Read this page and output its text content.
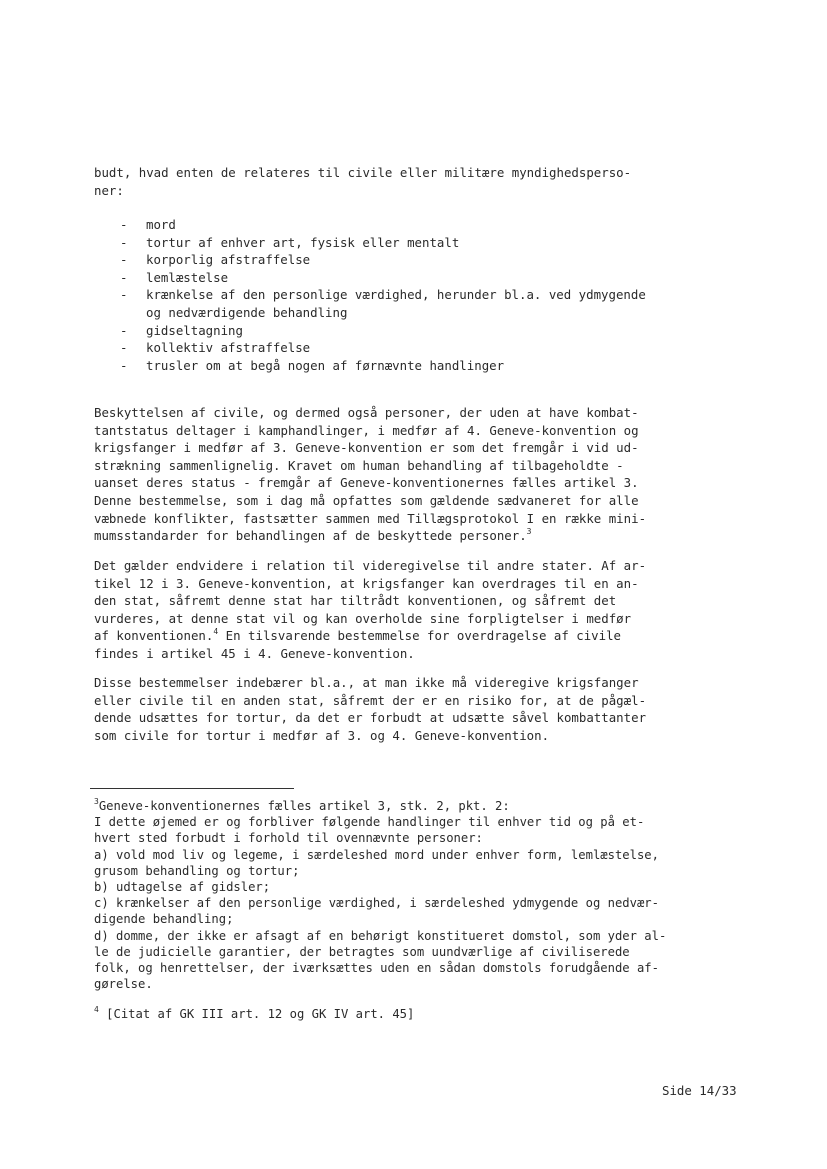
budt, hvad enten de relateres til civile eller militære myndighedsperso-
ner:
- mord
- tortur af enhver art, fysisk eller mentalt
- korporlig afstraffelse
- lemlæstelse
- krænkelse af den personlige værdighed, herunder bl.a. ved ydmygende
og nedværdigende behandling
- gidseltagning
- kollektiv afstraffelse
- trusler om at begå nogen af førnævnte handlinger
Beskyttelsen af civile, og dermed også personer, der uden at have kombat-
tantstatus deltager i kamphandlinger, i medfør af 4. Geneve-konvention og
krigsfanger i medfør af 3. Geneve-konvention er som det fremgår i vid ud-
strækning sammenlignelig. Kravet om human behandling af tilbageholdte -
uanset deres status - fremgår af Geneve-konventionernes fælles artikel 3.
Denne bestemmelse, som i dag må opfattes som gældende sædvaneret for alle
væbnede konflikter, fastsætter sammen med Tillægsprotokol I en række mini-
mumsstandarder for behandlingen af de beskyttede personer.$^3$
Det gælder endvidere i relation til videregivelse til andre stater. Af ar-
tikel 12 i 3. Geneve-konvention, at krigsfanger kan overdrages til en an-
den stat, såfremt denne stat har tiltrådt konventionen, og såfremt det
vurderes, at denne stat vil og kan overholde sine forpligtelser i medfør
af konventionen.$^4$ En tilsvarende bestemmelse for overdragelse af civile
findes i artikel 45 i 4. Geneve-konvention.
Disse bestemmelser indebærer bl.a., at man ikke må videregive krigsfanger
eller civile til en anden stat, såfremt der er en risiko for, at de pågæl-
dende udsættes for tortur, da det er forbudt at udsætte såvel kombattanter
som civile for tortur i medfør af 3. og 4. Geneve-konvention.
$^3$Geneve-konventionernes fælles artikel 3, stk. 2, pkt. 2:
I dette øjemed er og forbliver følgende handlinger til enhver tid og på et-
hvert sted forbudt i forhold til ovennævnte personer:
a) vold mod liv og legeme, i særdeleshed mord under enhver form, lemlæstelse,
grusom behandling og tortur;
b) udtagelse af gidsler;
c) krænkelser af den personlige værdighed, i særdeleshed ydmygende og nedvær-
digende behandling;
d) domme, der ikke er afsagt af en behørigt konstitueret domstol, som yder al-
le de judicielle garantier, der betragtes som uundværlige af civiliserede
folk, og henrettelser, der iværksættes uden en sådan domstols forudgående af-
gørelse.
$^4$ [Citat af GK III art. 12 og GK IV art. 45]
Side 14/33
